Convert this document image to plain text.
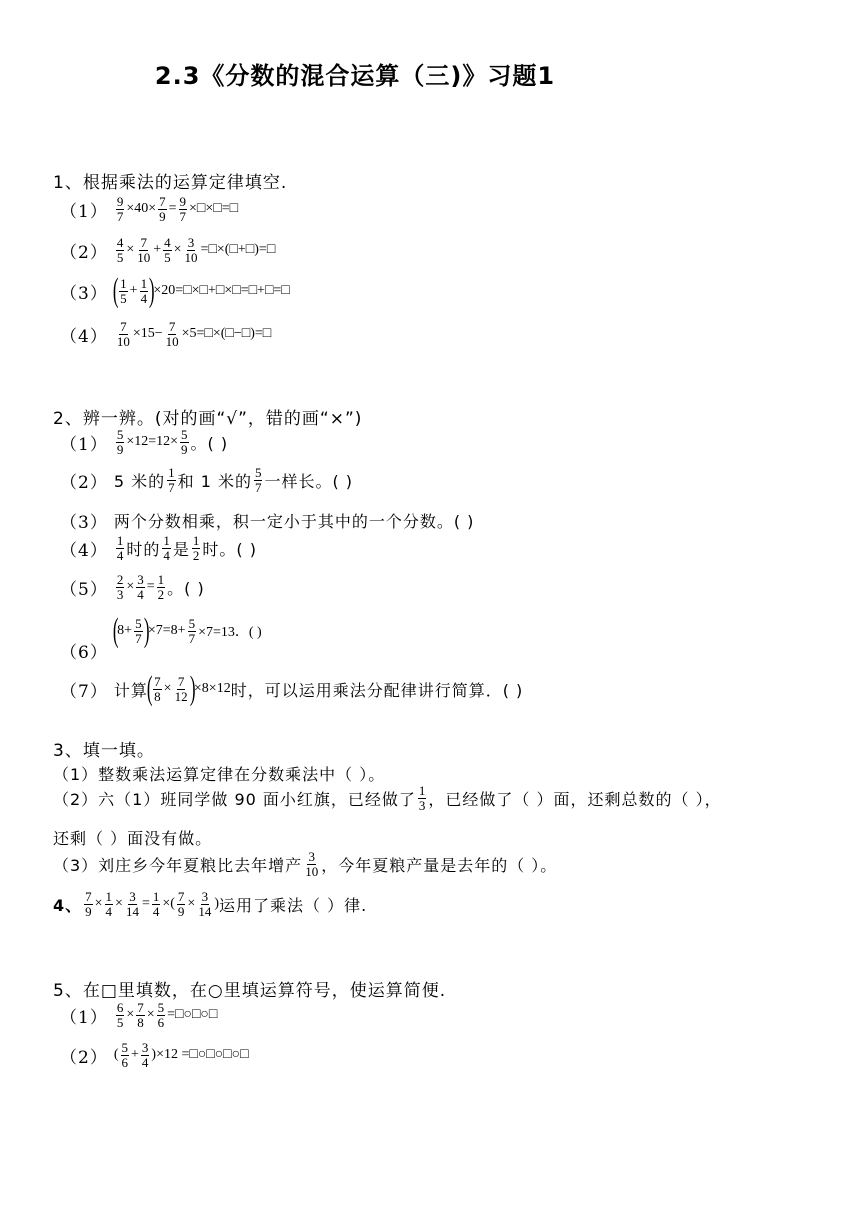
2.3《分数的混合运算（三)》习题1
1、根据乘法的运算定律填空.
$(1) \frac{9}{7} \times 40\times \frac{7}{9} = \frac{9}{7}$ ×□×□=□
$(2) \frac{4}{5} \times \frac{7}{10} + \frac{4}{5} \times \frac{3}{10}$ =□×(□+□)=□
（3） ( $\frac{1}{5} + \frac{1}{4}$ )
×20=□×□+□×□=□+□=□
$(4) \frac{7}{10} \times 15- \frac{7}{10}$ ×5=□×(□−□)=□
2、辨一辨。(对的画“√”，错的画“×”)
$(1) \frac{5}{9} \times 12=12\times \frac{5}{9}$ 。( )
（2） 5 米的 $\frac{1}{7}$ 和 1 米的 $\frac{5}{7}$ 一样长。( )
（3） 两个分数相乘，积一定小于其中的一个分数。( )
$(4) \frac{1}{4}$ 时的 $\frac{1}{4}$ 是 $\frac{1}{2}$ 时。( )
$(5) \frac{2}{3} \times \frac{3}{4} = \frac{1}{2}$ 。( )
（6）
(
$8+ \frac{5}{7}$ )
$\times 7=8+ \frac{5}{7} \times 7=13$．( )
（7） 计算
( $\frac{7}{8} \times \frac{7}{12}$ )
×8×12 时，可以运用乘法分配律讲行简算．( )
3、填一填。
（1）整数乘法运算定律在分数乘法中（ ）。
（2）六（1）班同学做 90 面小红旗，已经做了 $\frac{1}{3}$ ，已经做了（ ）面，还剩总数的（ ），
还剩（ ）面没有做。
（3）刘庄乡今年夏粮比去年增产 $\frac{3}{10}$ ，今年夏粮产量是去年的（ ）。
4、 $\frac{7}{9} \times \frac{1}{4} \times \frac{3}{14} = \frac{1}{4}$ ×( $\frac{7}{9} \times \frac{3}{14}$ ) 运用了乘法（ ）律.
5、在□里填数，在○里填运算符号，使运算简便.
$(1) \frac{6}{5} \times \frac{7}{8} \times \frac{5}{6}$ =□○□○□
（2） ( $\frac{5}{6} + \frac{3}{4} )\times 12$ =□○□○□○□
